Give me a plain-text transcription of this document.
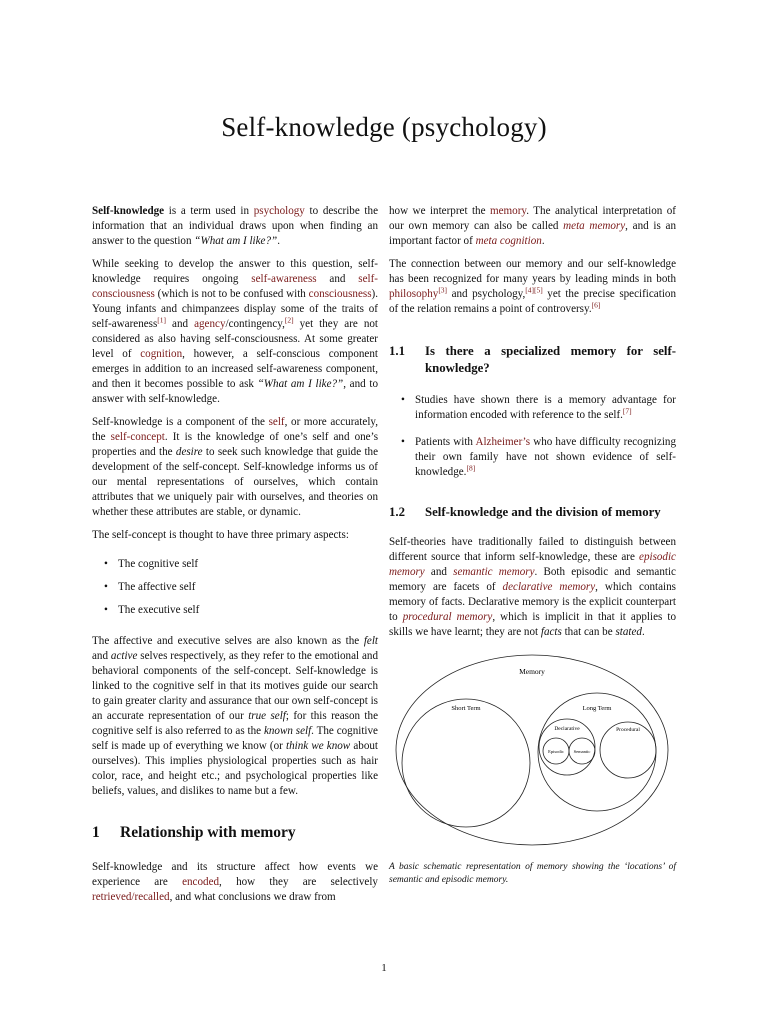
Self-knowledge (psychology)

Self-knowledge is a term used in psychology to describe the information that an individual draws upon when finding an answer to the question “What am I like?”.

While seeking to develop the answer to this question, self-knowledge requires ongoing self-awareness and self-consciousness (which is not to be confused with consciousness). Young infants and chimpanzees display some of the traits of self-awareness[1] and agency/contingency,[2] yet they are not considered as also having self-consciousness. At some greater level of cognition, however, a self-conscious component emerges in addition to an increased self-awareness component, and then it becomes possible to ask “What am I like?”, and to answer with self-knowledge.

Self-knowledge is a component of the self, or more accurately, the self-concept. It is the knowledge of one’s self and one’s properties and the desire to seek such knowledge that guide the development of the self-concept. Self-knowledge informs us of our mental representations of ourselves, which contain attributes that we uniquely pair with ourselves, and theories on whether these attributes are stable, or dynamic.

The self-concept is thought to have three primary aspects:

• The cognitive self
• The affective self
• The executive self

The affective and executive selves are also known as the felt and active selves respectively, as they refer to the emotional and behavioral components of the self-concept. Self-knowledge is linked to the cognitive self in that its motives guide our search to gain greater clarity and assurance that our own self-concept is an accurate representation of our true self; for this reason the cognitive self is also referred to as the known self. The cognitive self is made up of everything we know (or think we know about ourselves). This implies physiological properties such as hair color, race, and height etc.; and psychological properties like beliefs, values, and dislikes to name but a few.

1 Relationship with memory

Self-knowledge and its structure affect how events we experience are encoded, how they are selectively retrieved/recalled, and what conclusions we draw from

how we interpret the memory. The analytical interpretation of our own memory can also be called meta memory, and is an important factor of meta cognition.

The connection between our memory and our self-knowledge has been recognized for many years by leading minds in both philosophy[3] and psychology,[4][5] yet the precise specification of the relation remains a point of controversy.[6]

1.1	Is there a specialized memory for self-knowledge?
• Studies have shown there is a memory advantage for information encoded with reference to the self.[7]
• Patients with Alzheimer’s who have difficulty recognizing their own family have not shown evidence of self-knowledge.[8]
1.2	Self-knowledge and the division of memory

Self-theories have traditionally failed to distinguish between different source that inform self-knowledge, these are episodic memory and semantic memory. Both episodic and semantic memory are facets of declarative memory, which contains memory of facts. Declarative memory is the explicit counterpart to procedural memory, which is implicit in that it applies to skills we have learnt; they are not facts that can be stated.

Memory
Short Term	Long Term
Declarative	Procedural
Episodic Semantic
A basic schematic representation of memory showing the ‘locations’ of semantic and episodic memory.
1
